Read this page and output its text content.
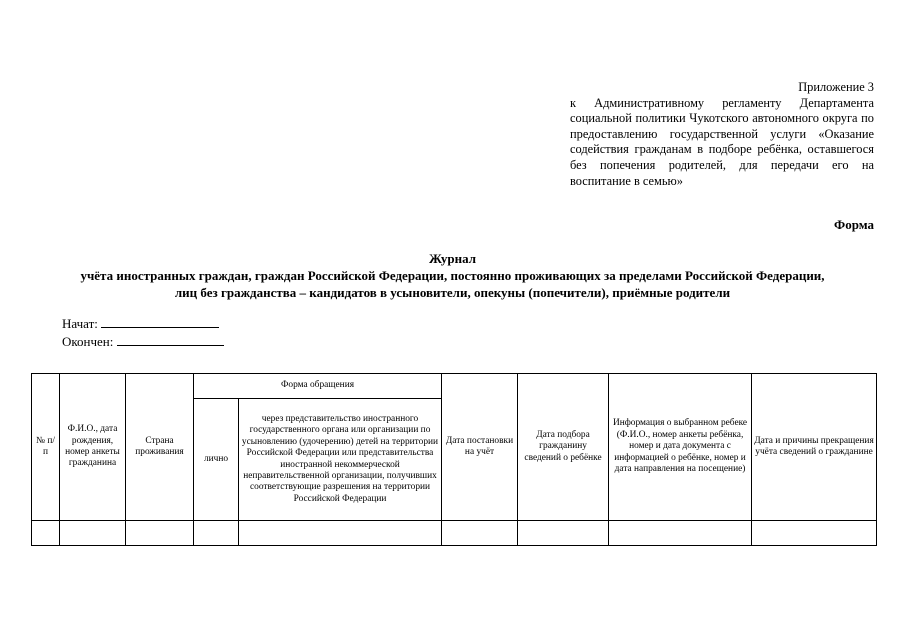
Приложение 3
к Административному регламенту Департамента социальной политики Чукотского автономного округа по предоставлению государственной услуги «Оказание содействия гражданам в подборе ребёнка, оставшегося без попечения родителей, для передачи его на воспитание в семью»
Форма
Журнал
учёта иностранных граждан, граждан Российской Федерации, постоянно проживающих за пределами Российской Федерации,
лиц без гражданства – кандидатов в усыновители, опекуны (попечители), приёмные родители
Начат:
Окончен:
№ п/п	Ф.И.О., дата рождения, номер анкеты гражданина	Страна проживания	Форма обращения		Дата постановки на учёт	Дата подбора гражданину сведений о ребёнке	Информация о выбранном ребеке (Ф.И.О., номер анкеты ребёнка, номер и дата документа с информацией о ребёнке, номер и дата направления на посещение)	Дата и причины прекращения учёта сведений о гражданине
			лично	через представительство иностранного государственного органа или организации по усыновлению (удочерению) детей на территории Российской Федерации или представительства иностранной некоммерческой неправительственной организации, получивших соответствующие разрешения на территории Российской Федерации				
